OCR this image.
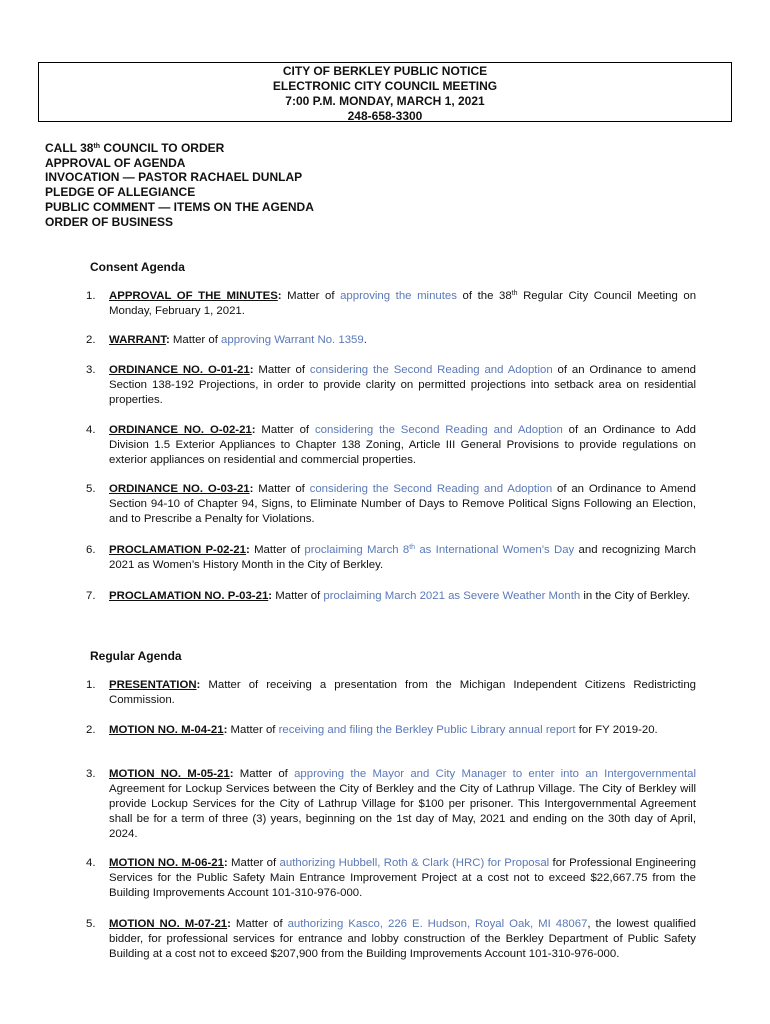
CITY OF BERKLEY PUBLIC NOTICE
ELECTRONIC CITY COUNCIL MEETING
7:00 P.M. MONDAY, MARCH 1, 2021
248-658-3300
CALL 38th COUNCIL TO ORDER
APPROVAL OF AGENDA
INVOCATION — PASTOR RACHAEL DUNLAP
PLEDGE OF ALLEGIANCE
PUBLIC COMMENT — ITEMS ON THE AGENDA
ORDER OF BUSINESS
Consent Agenda
1. APPROVAL OF THE MINUTES: Matter of approving the minutes of the 38th Regular City Council Meeting on Monday, February 1, 2021.
2. WARRANT: Matter of approving Warrant No. 1359.
3. ORDINANCE NO. O-01-21: Matter of considering the Second Reading and Adoption of an Ordinance to amend Section 138-192 Projections, in order to provide clarity on permitted projections into setback area on residential properties.
4. ORDINANCE NO. O-02-21: Matter of considering the Second Reading and Adoption of an Ordinance to Add Division 1.5 Exterior Appliances to Chapter 138 Zoning, Article III General Provisions to provide regulations on exterior appliances on residential and commercial properties.
5. ORDINANCE NO. O-03-21: Matter of considering the Second Reading and Adoption of an Ordinance to Amend Section 94-10 of Chapter 94, Signs, to Eliminate Number of Days to Remove Political Signs Following an Election, and to Prescribe a Penalty for Violations.
6. PROCLAMATION P-02-21: Matter of proclaiming March 8th as International Women’s Day and recognizing March 2021 as Women’s History Month in the City of Berkley.
7. PROCLAMATION NO. P-03-21: Matter of proclaiming March 2021 as Severe Weather Month in the City of Berkley.
Regular Agenda
1. PRESENTATION: Matter of receiving a presentation from the Michigan Independent Citizens Redistricting Commission.
2. MOTION NO. M-04-21: Matter of receiving and filing the Berkley Public Library annual report for FY 2019-20.
3. MOTION NO. M-05-21: Matter of approving the Mayor and City Manager to enter into an Intergovernmental Agreement for Lockup Services between the City of Berkley and the City of Lathrup Village. The City of Berkley will provide Lockup Services for the City of Lathrup Village for $100 per prisoner. This Intergovernmental Agreement shall be for a term of three (3) years, beginning on the 1st day of May, 2021 and ending on the 30th day of April, 2024.
4. MOTION NO. M-06-21: Matter of authorizing Hubbell, Roth & Clark (HRC) for Proposal for Professional Engineering Services for the Public Safety Main Entrance Improvement Project at a cost not to exceed $22,667.75 from the Building Improvements Account 101-310-976-000.
5. MOTION NO. M-07-21: Matter of authorizing Kasco, 226 E. Hudson, Royal Oak, MI 48067, the lowest qualified bidder, for professional services for entrance and lobby construction of the Berkley Department of Public Safety Building at a cost not to exceed $207,900 from the Building Improvements Account 101-310-976-000.
